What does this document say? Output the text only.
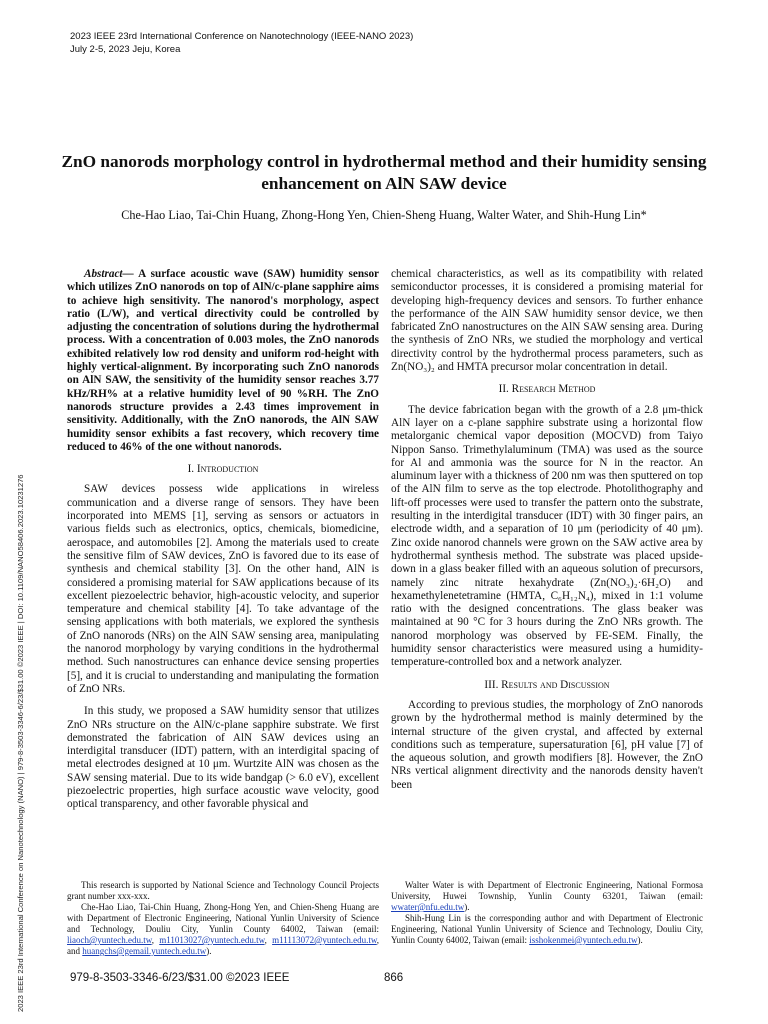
2023 IEEE 23rd International Conference on Nanotechnology (IEEE-NANO 2023)
July 2-5, 2023 Jeju, Korea
ZnO nanorods morphology control in hydrothermal method and their humidity sensing enhancement on AlN SAW device
Che-Hao Liao, Tai-Chin Huang, Zhong-Hong Yen, Chien-Sheng Huang, Walter Water, and Shih-Hung Lin*

Abstract— A surface acoustic wave (SAW) humidity sensor which utilizes ZnO nanorods on top of AlN/c-plane sapphire aims to achieve high sensitivity. The nanorod's morphology, aspect ratio (L/W), and vertical directivity could be controlled by adjusting the concentration of solutions during the hydrothermal process. With a concentration of 0.003 moles, the ZnO nanorods exhibited relatively low rod density and uniform rod-height with highly vertical-alignment. By incorporating such ZnO nanorods on AlN SAW, the sensitivity of the humidity sensor reaches 3.77 kHz/RH% at a relative humidity level of 90 %RH. The ZnO nanorods structure provides a 2.43 times improvement in sensitivity. Additionally, with the ZnO nanorods, the AlN SAW humidity sensor exhibits a fast recovery, which recovery time reduced to 46% of the one without nanorods.

I. Introduction

SAW devices possess wide applications in wireless communication and a diverse range of sensors. They have been incorporated into MEMS [1], serving as sensors or actuators in various fields such as electronics, optics, chemicals, biomedicine, aerospace, and automobiles [2]. Among the materials used to create the sensitive film of SAW devices, ZnO is favored due to its ease of synthesis and chemical stability [3]. On the other hand, AlN is considered a promising material for SAW applications because of its excellent piezoelectric behavior, high-acoustic velocity, and superior temperature and chemical stability [4]. To take advantage of the sensing applications with both materials, we explored the synthesis of ZnO nanorods (NRs) on the AlN SAW sensing area, manipulating the nanorod morphology by varying conditions in the hydrothermal method. Such nanostructures can enhance device sensing properties [5], and it is crucial to understanding and manipulating the formation of ZnO NRs.

In this study, we proposed a SAW humidity sensor that utilizes ZnO NRs structure on the AlN/c-plane sapphire substrate. We first demonstrated the fabrication of AlN SAW devices using an interdigital transducer (IDT) pattern, with an interdigital spacing of metal electrodes designed at 10 μm. Wurtzite AlN was chosen as the SAW sensing material. Due to its wide bandgap (> 6.0 eV), excellent piezoelectric properties, high surface acoustic wave velocity, good optical transparency, and other favorable physical and

chemical characteristics, as well as its compatibility with related semiconductor processes, it is considered a promising material for developing high-frequency devices and sensors. To further enhance the performance of the AlN SAW humidity sensor device, we then fabricated ZnO nanostructures on the AlN SAW sensing area. During the synthesis of ZnO NRs, we studied the morphology and vertical directivity control by the hydrothermal process parameters, such as Zn(NO₃)₂ and HMTA precursor molar concentration in detail.

II. Research Method

The device fabrication began with the growth of a 2.8 μm-thick AlN layer on a c-plane sapphire substrate using a horizontal flow metalorganic chemical vapor deposition (MOCVD) from Taiyo Nippon Sanso. Trimethylaluminum (TMA) was used as the source for Al and ammonia was the source for N in the reactor. An aluminum layer with a thickness of 200 nm was then sputtered on top of the AlN film to serve as the top electrode. Photolithography and lift-off processes were used to transfer the pattern onto the substrate, resulting in the interdigital transducer (IDT) with 30 finger pairs, an electrode width, and a separation of 10 μm (periodicity of 40 μm). Zinc oxide nanorod channels were grown on the SAW active area by hydrothermal synthesis method. The substrate was placed upside-down in a glass beaker filled with an aqueous solution of precursors, namely zinc nitrate hexahydrate (Zn(NO₃)₂·6H₂O) and hexamethylenetetramine (HMTA, C₆H₁₂N₄), mixed in 1:1 volume ratio with the designed concentrations. The glass beaker was maintained at 90 °C for 3 hours during the ZnO NRs growth. The nanorod morphology was observed by FE-SEM. Finally, the humidity sensor characteristics were measured using a humidity-temperature-controlled box and a network analyzer.

III. Results and Discussion

According to previous studies, the morphology of ZnO nanorods grown by the hydrothermal method is mainly determined by the internal structure of the given crystal, and affected by external conditions such as temperature, supersaturation [6], pH value [7] of the aqueous solution, and growth modifiers [8]. However, the ZnO NRs vertical alignment directivity and the nanorods density haven't been

This research is supported by National Science and Technology Council Projects grant number xxx-xxx.

Che-Hao Liao, Tai-Chin Huang, Zhong-Hong Yen, and Chien-Sheng Huang are with Department of Electronic Engineering, National Yunlin University of Science and Technology, Douliu City, Yunlin County 64002, Taiwan (email: liaoch@yuntech.edu.tw, m11013027@yuntech.edu.tw, m11113072@yuntech.edu.tw, and huangchs@gemail.yuntech.edu.tw).

Walter Water is with Department of Electronic Engineering, National Formosa University, Huwei Township, Yunlin County 63201, Taiwan (email: wwater@nfu.edu.tw).

Shih-Hung Lin is the corresponding author and with Department of Electronic Engineering, National Yunlin University of Science and Technology, Douliu City, Yunlin County 64002, Taiwan (email: isshokenmei@yuntech.edu.tw).

979-8-3503-3346-6/23/$31.00 ©2023 IEEE	866
2023 IEEE 23rd International Conference on Nanotechnology (NANO) | 979-8-3503-3346-6/23/$31.00 ©2023 IEEE | DOI: 10.1109/NANO58406.2023.10231276
